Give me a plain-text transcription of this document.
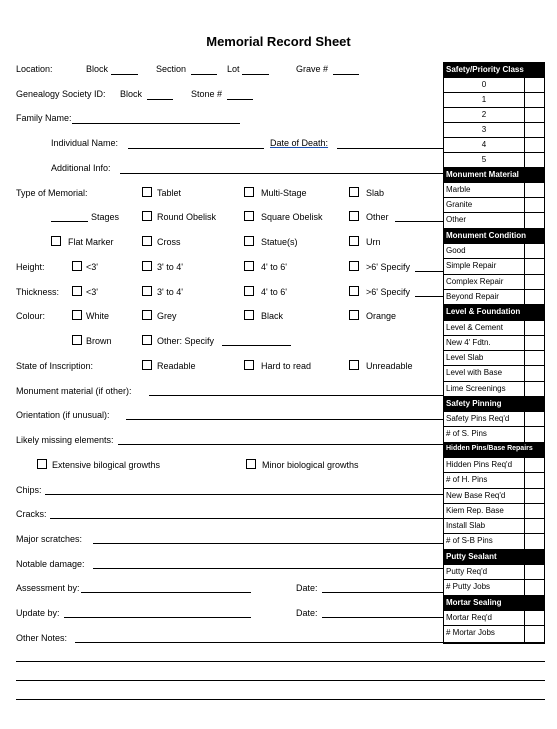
Memorial Record Sheet
Location:	Block	Section	Lot	Grave #
Genealogy Society ID: Block	Stone #
Family Name:
Individual Name:	Date of Death:
Additional Info:
Type of Memorial:	Tablet	Multi-Stage	Slab
Stages	Round Obelisk	Square Obelisk	Other
Flat Marker	Cross	Statue(s)	Urn
Height:	<3'	3' to 4'	4' to 6'	>6' Specify
Thickness:	<3'	3' to 4'	4' to 6'	>6' Specify
Colour:	White	Grey	Black	Orange
Brown	Other: Specify
State of Inscription:	Readable	Hard to read	Unreadable
Monument material (if other):
Orientation (if unusual):
Likely missing elements:
Extensive bilogical growths	Minor biological growths
Chips:
Cracks:
Major scratches:
Notable damage:
Assessment by:	Date:
Update by:	Date:
Other Notes:
Safety/Priority Class
0
1
2
3
4
5
Monument Material
Marble
Granite
Other
Monument Condition
Good
Simple Repair
Complex Repair
Beyond Repair
Level & Foundation
Level & Cement
New 4' Fdtn.
Level Slab
Level with Base
Lime Screenings
Safety Pinning
Safety Pins Req'd
# of S. Pins
Hidden Pins/Base Repairs
Hidden Pins Req'd
# of H. Pins
New Base Req'd
Kiem Rep. Base
Install Slab
# of S-B Pins
Putty Sealant
Putty Req'd
# Putty Jobs
Mortar Sealing
Mortar Req'd
# Mortar Jobs
